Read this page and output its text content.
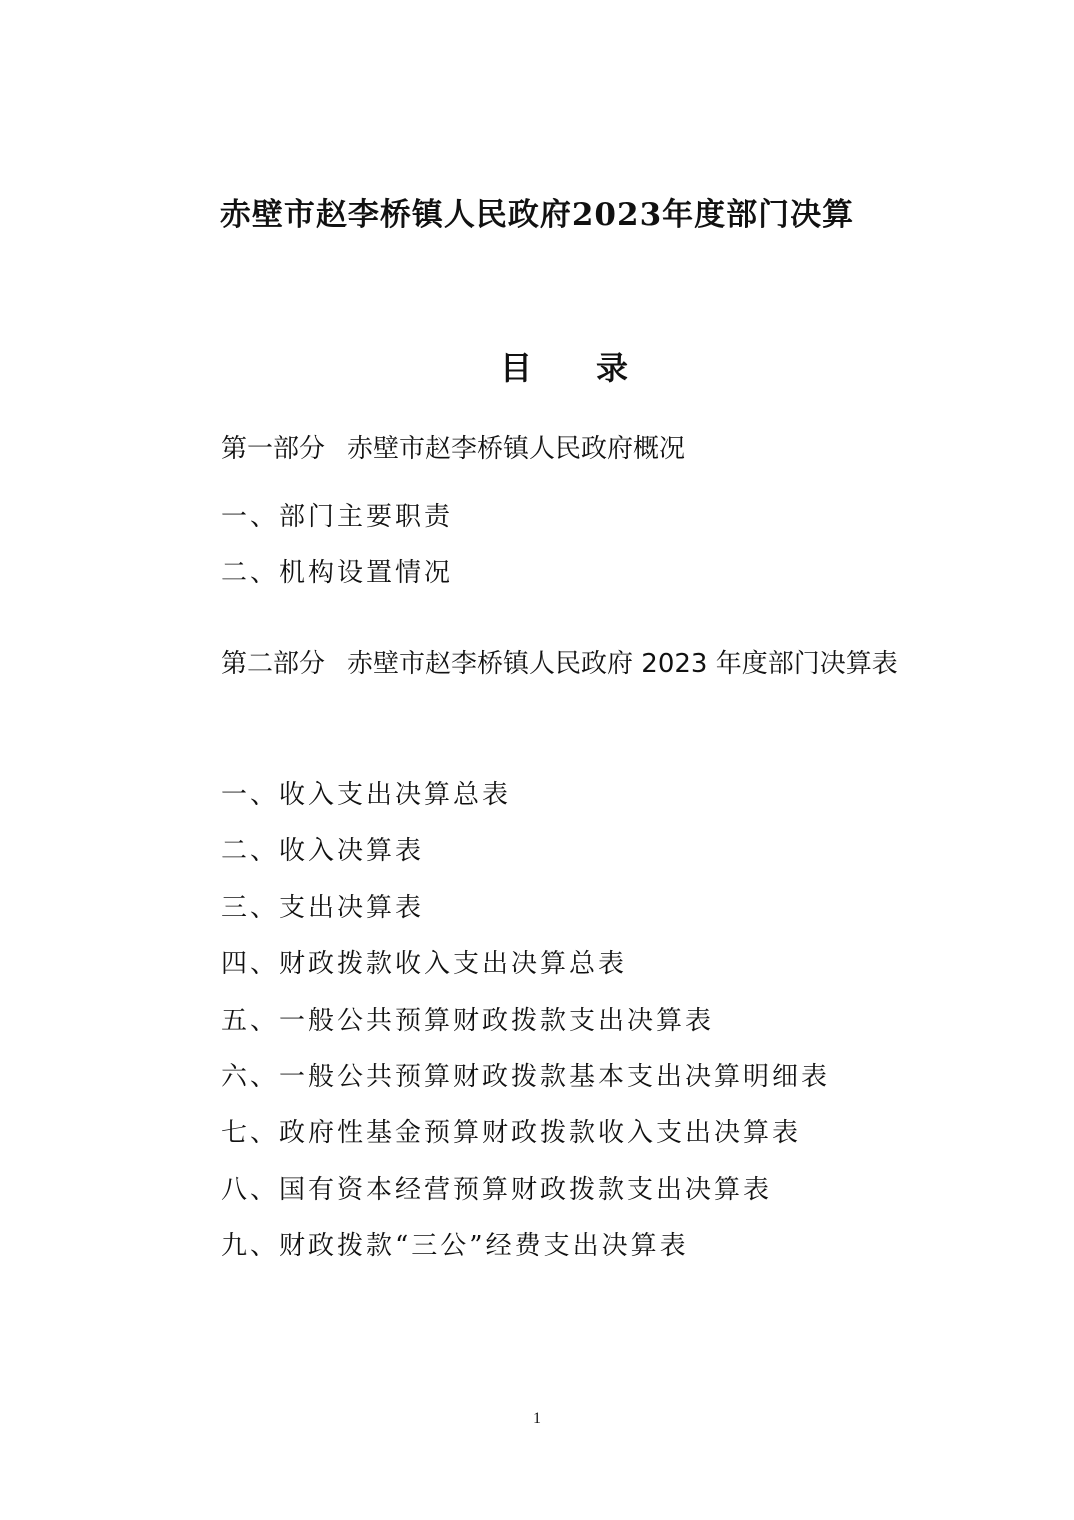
赤壁市赵李桥镇人民政府2023年度部门决算
目 录
第一部分 赤壁市赵李桥镇人民政府概况
一、部门主要职责
二、机构设置情况
第二部分 赤壁市赵李桥镇人民政府 2023 年度部门决算表
一、收入支出决算总表
二、收入决算表
三、支出决算表
四、财政拨款收入支出决算总表
五、一般公共预算财政拨款支出决算表
六、一般公共预算财政拨款基本支出决算明细表
七、政府性基金预算财政拨款收入支出决算表
八、国有资本经营预算财政拨款支出决算表
九、财政拨款“三公”经费支出决算表
1
